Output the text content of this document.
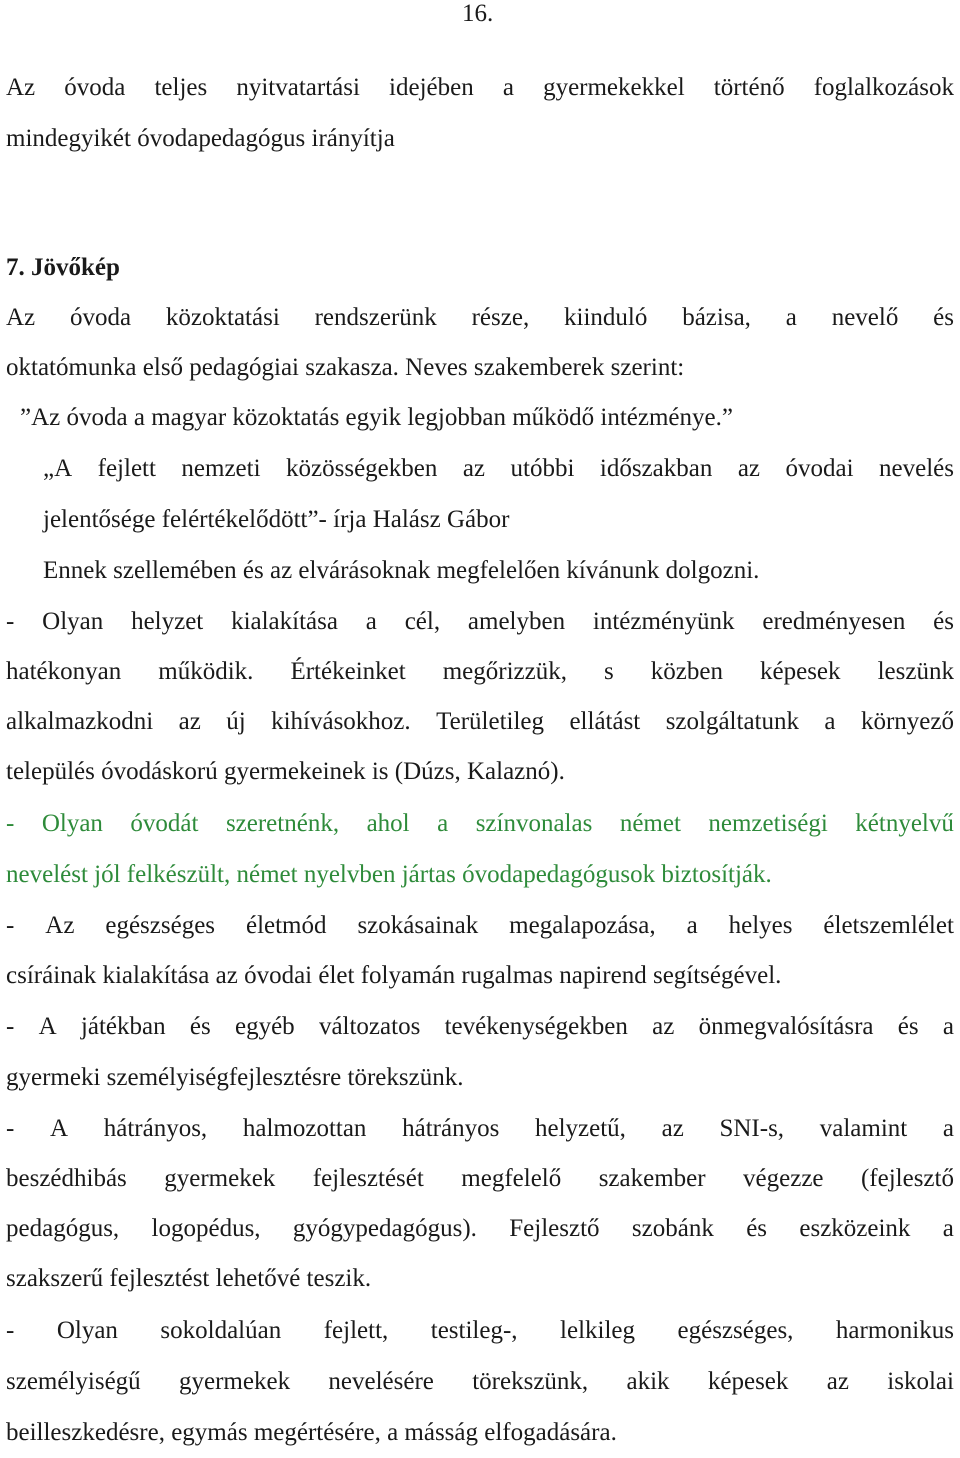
16.
Az óvoda teljes nyitvatartási idejében a gyermekekkel történő foglalkozások
mindegyikét óvodapedagógus irányítja
7. Jövőkép
Az óvoda közoktatási rendszerünk része, kiinduló bázisa, a nevelő és
oktatómunka első pedagógiai szakasza. Neves szakemberek szerint:
”Az óvoda a magyar közoktatás egyik legjobban működő intézménye.”
„A fejlett nemzeti közösségekben az utóbbi időszakban az óvodai nevelés
jelentősége felértékelődött”- írja Halász Gábor
Ennek szellemében és az elvárásoknak megfelelően kívánunk dolgozni.
- Olyan helyzet kialakítása a cél, amelyben intézményünk eredményesen és
hatékonyan működik. Értékeinket megőrizzük, s közben képesek leszünk
alkalmazkodni az új kihívásokhoz. Területileg ellátást szolgáltatunk a környező
település óvodáskorú gyermekeinek is (Dúzs, Kalaznó).
- Olyan óvodát szeretnénk, ahol a színvonalas német nemzetiségi kétnyelvű
nevelést jól felkészült, német nyelvben jártas óvodapedagógusok biztosítják.
- Az egészséges életmód szokásainak megalapozása, a helyes életszemlélet
csíráinak kialakítása az óvodai élet folyamán rugalmas napirend segítségével.
- A játékban és egyéb változatos tevékenységekben az önmegvalósításra és a
gyermeki személyiségfejlesztésre törekszünk.
- A hátrányos, halmozottan hátrányos helyzetű, az SNI-s, valamint a
beszédhibás gyermekek fejlesztését megfelelő szakember végezze (fejlesztő
pedagógus, logopédus, gyógypedagógus). Fejlesztő szobánk és eszközeink a
szakszerű fejlesztést lehetővé teszik.
- Olyan sokoldalúan fejlett, testileg-, lelkileg egészséges, harmonikus
személyiségű gyermekek nevelésére törekszünk, akik képesek az iskolai
beilleszkedésre, egymás megértésére, a másság elfogadására.
